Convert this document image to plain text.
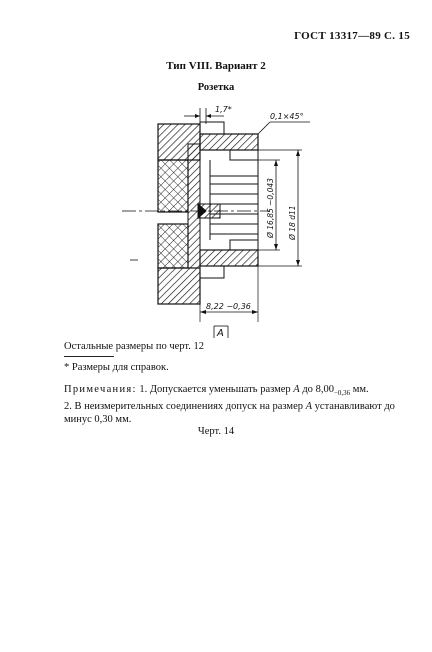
ГОСТ 13317—89 С. 15
Тип VIII. Вариант 2
Розетка
1,7*
0,1×45°
Ø 16,85 −0,043 Ø 18 d11
8,22 −0,36
A
Остальные размеры по черт. 12
* Размеры для справок.
Примечания: 1. Допускается уменьшать размер A до $8,00_{-0,36}$ мм.
2. В неизмерительных соединениях допуск на размер A устанавливают до минус 0,30 мм.
Черт. 14
